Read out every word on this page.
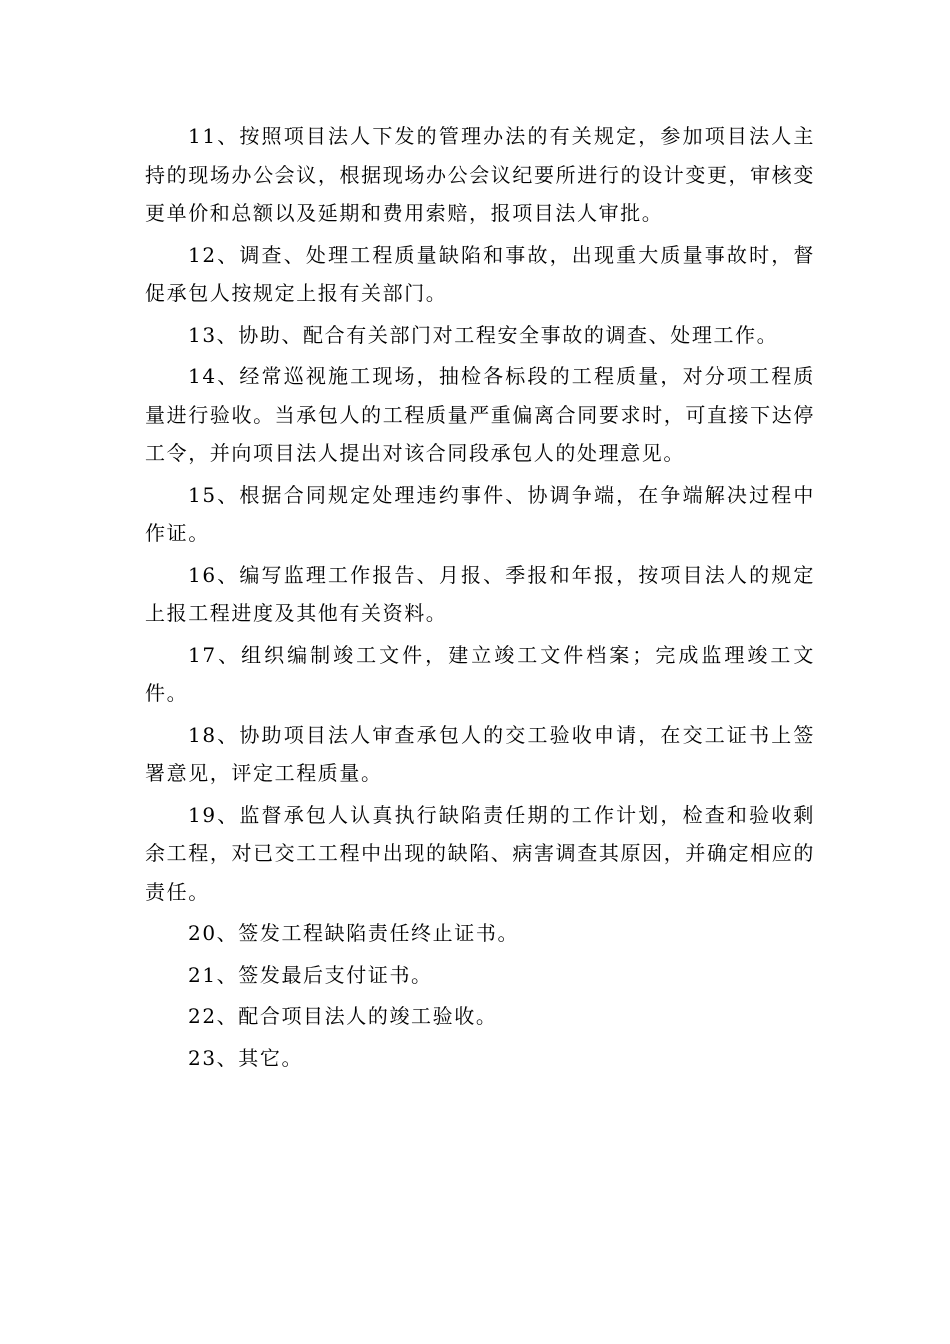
11、按照项目法人下发的管理办法的有关规定，参加项目法人主持的现场办公会议，根据现场办公会议纪要所进行的设计变更，审核变更单价和总额以及延期和费用索赔，报项目法人审批。

12、调查、处理工程质量缺陷和事故，出现重大质量事故时，督促承包人按规定上报有关部门。

13、协助、配合有关部门对工程安全事故的调查、处理工作。

14、经常巡视施工现场，抽检各标段的工程质量，对分项工程质量进行验收。当承包人的工程质量严重偏离合同要求时，可直接下达停工令，并向项目法人提出对该合同段承包人的处理意见。

15、根据合同规定处理违约事件、协调争端，在争端解决过程中作证。

16、编写监理工作报告、月报、季报和年报，按项目法人的规定上报工程进度及其他有关资料。

17、组织编制竣工文件，建立竣工文件档案；完成监理竣工文件。

18、协助项目法人审查承包人的交工验收申请，在交工证书上签署意见，评定工程质量。

19、监督承包人认真执行缺陷责任期的工作计划，检查和验收剩余工程，对已交工工程中出现的缺陷、病害调查其原因，并确定相应的责任。

20、签发工程缺陷责任终止证书。

21、签发最后支付证书。

22、配合项目法人的竣工验收。

23、其它。
